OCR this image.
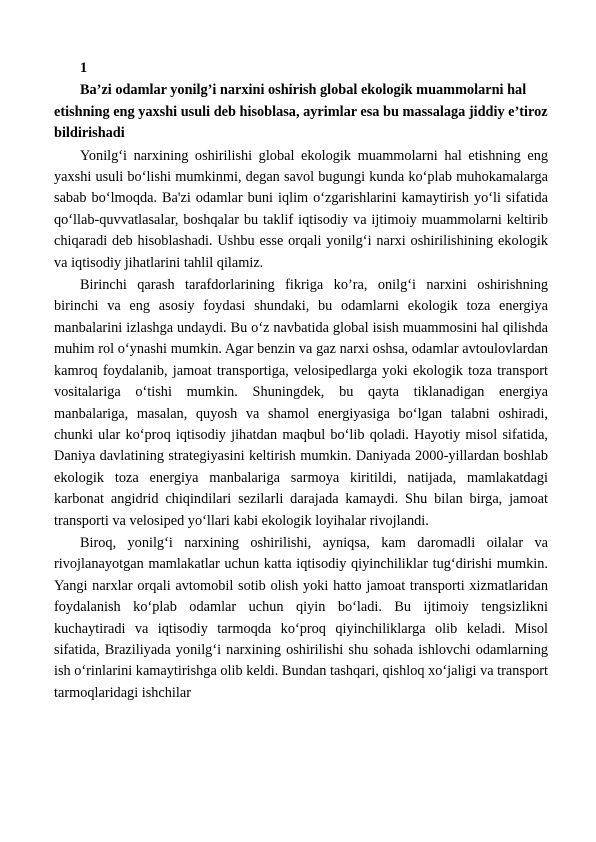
1

Ba’zi odamlar yonilg’i narxini oshirish global ekologik muammolarni hal etishning eng yaxshi usuli deb hisoblasa, ayrimlar esa bu massalaga jiddiy e’tiroz bildirishadi

Yonilg‘i narxining oshirilishi global ekologik muammolarni hal etishning eng yaxshi usuli bo‘lishi mumkinmi, degan savol bugungi kunda ko‘plab muhokamalarga sabab bo‘lmoqda. Ba'zi odamlar buni iqlim o‘zgarishlarini kamaytirish yo‘li sifatida qo‘llab-quvvatlasalar, boshqalar bu taklif iqtisodiy va ijtimoiy muammolarni keltirib chiqaradi deb hisoblashadi. Ushbu esse orqali yonilg‘i narxi oshirilishining ekologik va iqtisodiy jihatlarini tahlil qilamiz.

Birinchi qarash tarafdorlarining fikriga ko’ra, onilg‘i narxini oshirishning birinchi va eng asosiy foydasi shundaki, bu odamlarni ekologik toza energiya manbalarini izlashga undaydi. Bu o‘z navbatida global isish muammosini hal qilishda muhim rol o‘ynashi mumkin. Agar benzin va gaz narxi oshsa, odamlar avtoulovlardan kamroq foydalanib, jamoat transportiga, velosipedlarga yoki ekologik toza transport vositalariga o‘tishi mumkin. Shuningdek, bu qayta tiklanadigan energiya manbalariga, masalan, quyosh va shamol energiyasiga bo‘lgan talabni oshiradi, chunki ular ko‘proq iqtisodiy jihatdan maqbul bo‘lib qoladi. Hayotiy misol sifatida, Daniya davlatining strategiyasini keltirish mumkin. Daniyada 2000-yillardan boshlab ekologik toza energiya manbalariga sarmoya kiritildi, natijada, mamlakatdagi karbonat angidrid chiqindilari sezilarli darajada kamaydi. Shu bilan birga, jamoat transporti va velosiped yo‘llari kabi ekologik loyihalar rivojlandi.

Biroq, yonilg‘i narxining oshirilishi, ayniqsa, kam daromadli oilalar va rivojlanayotgan mamlakatlar uchun katta iqtisodiy qiyinchiliklar tug‘dirishi mumkin. Yangi narxlar orqali avtomobil sotib olish yoki hatto jamoat transporti xizmatlaridan foydalanish ko‘plab odamlar uchun qiyin bo‘ladi. Bu ijtimoiy tengsizlikni kuchaytiradi va iqtisodiy tarmoqda ko‘proq qiyinchiliklarga olib keladi. Misol sifatida, Braziliyada yonilg‘i narxining oshirilishi shu sohada ishlovchi odamlarning ish o‘rinlarini kamaytirishga olib keldi. Bundan tashqari, qishloq xo‘jaligi va transport tarmoqlaridagi ishchilar
